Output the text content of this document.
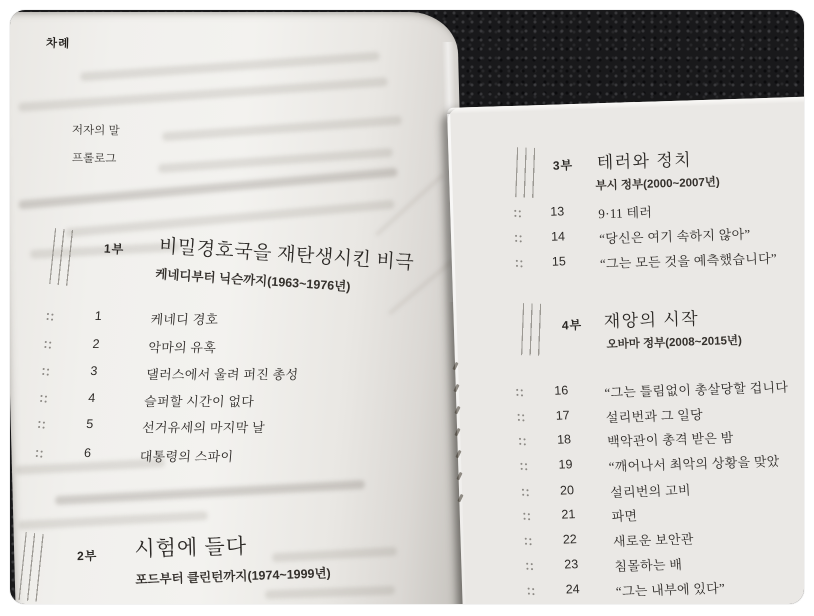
차례
저자의 말
프롤로그
1부 비밀경호국을 재탄생시킨 비극
케네디부터 닉슨까지(1963~1976년)
1	케네디 경호
2	악마의 유혹
3	댈러스에서 울려 퍼진 총성
4	슬퍼할 시간이 없다
5	선거유세의 마지막 날
6	대통령의 스파이
2부 시험에 들다
포드부터 클린턴까지(1974~1999년)
3부 테러와 정치
부시 정부(2000~2007년)
13	9·11 테러
14	“당신은 여기 속하지 않아”
15	“그는 모든 것을 예측했습니다”
4부 재앙의 시작
오바마 정부(2008~2015년)
16	“그는 틀림없이 총살당할 겁니다
17	설리번과 그 일당
18	백악관이 총격 받은 밤
19	“깨어나서 최악의 상황을 맞았
20	설리번의 고비
21	파면
22	새로운 보안관
23	침몰하는 배
24	“그는 내부에 있다”
